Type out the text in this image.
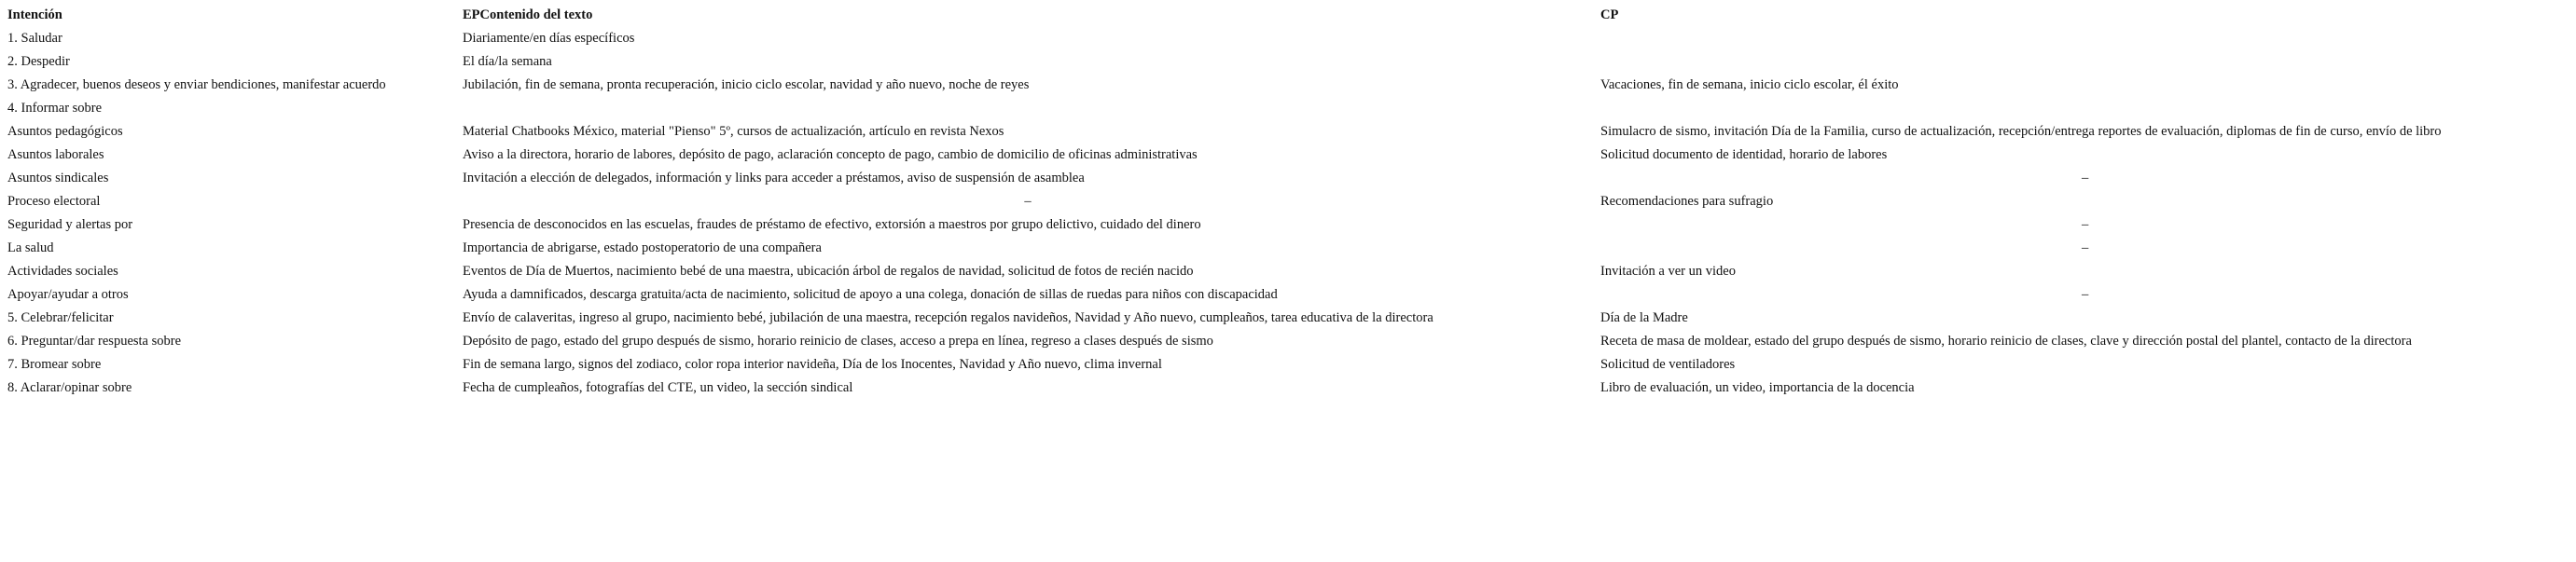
Intención	EPContenido del texto	CP
1. Saludar	Diariamente/en días específicos	
2. Despedir	El día/la semana	
3. Agradecer, buenos deseos y enviar bendiciones, manifestar acuerdo	Jubilación, fin de semana, pronta recuperación, inicio ciclo escolar, navidad y año nuevo, noche de reyes	Vacaciones, fin de semana, inicio ciclo escolar, él éxito
4. Informar sobre		
Asuntos pedagógicos	Material Chatbooks México, material "Pienso" 5º, cursos de actualización, artículo en revista Nexos	Simulacro de sismo, invitación Día de la Familia, curso de actualización, recepción/entrega reportes de evaluación, diplomas de fin de curso, envío de libro
Asuntos laborales	Aviso a la directora, horario de labores, depósito de pago, aclaración concepto de pago, cambio de domicilio de oficinas administrativas	Solicitud documento de identidad, horario de labores
Asuntos sindicales	Invitación a elección de delegados, información y links para acceder a préstamos, aviso de suspensión de asamblea	–
Proceso electoral	–	Recomendaciones para sufragio
Seguridad y alertas por	Presencia de desconocidos en las escuelas, fraudes de préstamo de efectivo, extorsión a maestros por grupo delictivo, cuidado del dinero	–
La salud	Importancia de abrigarse, estado postoperatorio de una compañera	–
Actividades sociales	Eventos de Día de Muertos, nacimiento bebé de una maestra, ubicación árbol de regalos de navidad, solicitud de fotos de recién nacido	Invitación a ver un video
Apoyar/ayudar a otros	Ayuda a damnificados, descarga gratuita/acta de nacimiento, solicitud de apoyo a una colega, donación de sillas de ruedas para niños con discapacidad	–
5. Celebrar/felicitar	Envío de calaveritas, ingreso al grupo, nacimiento bebé, jubilación de una maestra, recepción regalos navideños, Navidad y Año nuevo, cumpleaños, tarea educativa de la directora	Día de la Madre
6. Preguntar/dar respuesta sobre	Depósito de pago, estado del grupo después de sismo, horario reinicio de clases, acceso a prepa en línea, regreso a clases después de sismo	Receta de masa de moldear, estado del grupo después de sismo, horario reinicio de clases, clave y dirección postal del plantel, contacto de la directora
7. Bromear sobre	Fin de semana largo, signos del zodiaco, color ropa interior navideña, Día de los Inocentes, Navidad y Año nuevo, clima invernal	Solicitud de ventiladores
8. Aclarar/opinar sobre	Fecha de cumpleaños, fotografías del CTE, un video, la sección sindical	Libro de evaluación, un video, importancia de la docencia
